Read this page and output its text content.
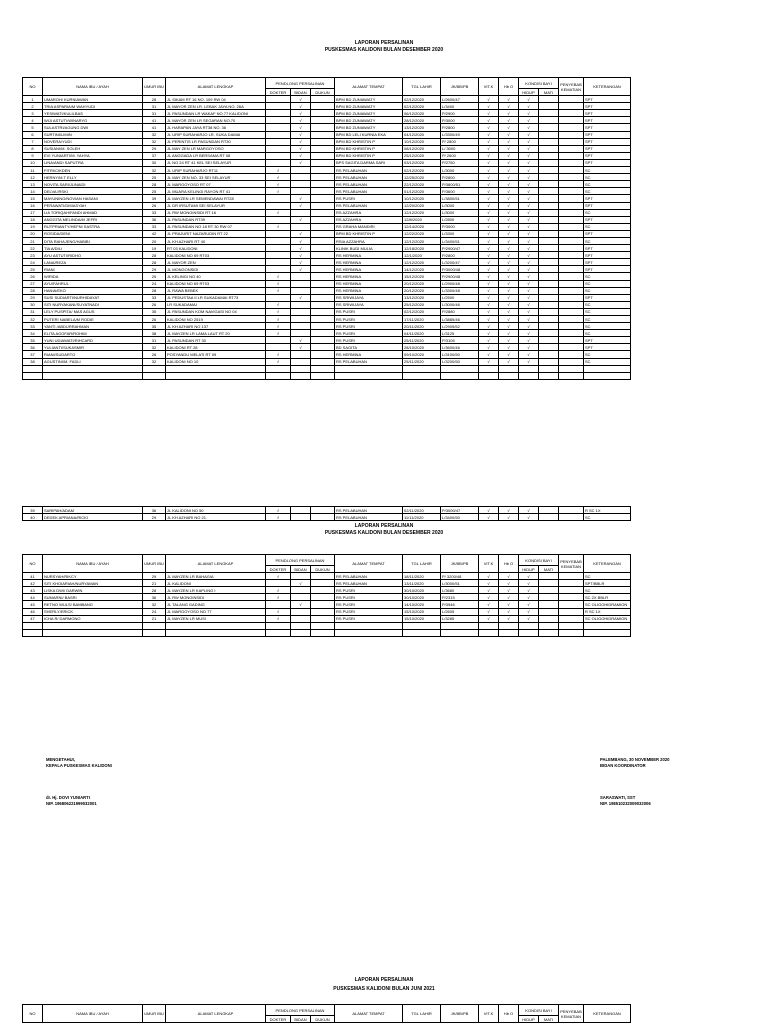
LAPORAN PERSALINAN
PUSKESMAS KALIDONI BULAN DESEMBER 2020
NO	NAMA IBU / AYAH	UMUR IBU	ALAMAT LENGKAP	PENDLONG PERSALINAN			ALAMAT TEMPAT	TGL LAHIR	JK/BB/PB	VIT.K	Hb O	KONDISI BAYI		PENYEBAB KEMATIAN	KETERANGAN
				DOKTER	BIDAN	DUKUN						HIDUP	MATI		
1	UMAROH/ KURNIAWAN	28	JL SIKAM RT 16 NO. 109 RW 04		√		BPM BD ZUNIAWATY	02/12/2020	L/2600/47	√	√	√			SPT
2	TRIA ASPARIA/M WAHYUDI	31	JL MAYOR ZEN LR. LEBAK JAYA NO. 26A		√		BPM BD ZUNIAWATY	02/12/2020	L/3400	√	√	√			SPT
3	YESIWATI/KULILBAS	31	JL PASUNDAN LR WAKAF NO.77 KALIDONI		√		BPM BD ZUNIAWATY	06/12/2020	P/2900	√	√	√			SPT
4	WIJI ASTUTI/WINARYO	41	JL MAYOR ZEN LR SEGARAN NO.70		√		BPM BD ZUNIAWATY	28/12/2020	P/3000	√	√	√			SPT
5	SULASTRI/AGUNG DWI	41	JL HARAPAN JAYA RT38 NO. 36		√		BPM BD ZUNIAWATY	13/12/2020	P/2800	√	√	√			SPT
6	SURTINI/LIMIN	32	JL URIP SURAHARJO LR. SUKA DAMAI		√		BPM BD LELI KURNIA EKA	04/12/2020	L/3300/49	√	√	√			SPT
7	NOVERA/YUDI	32	JL PERINTIS LR PASUNDAN RT30		√		BPM BD KHRISTIN P	10/12/2020	P/ 2800	√	√	√			SPT
8	SUSIANI/M. SOLEH	29	JL MAY ZEN LR MARGOYOSO		√		BPM BD KHRISTIN P	08/12/2020	L/ 3000	√	√	√			SPT
9	EVI YUNIARTI/M. YAHYA	37	JL ANGGADA LR BERSAMA RT 08		√		BPM BD KHRISTIN P	25/12/2020	P/ 2600	√	√	√			SPT
10	LINA/ANDI SAPUTRA	30	JL NO 24 RT 41 KEL SEI SELAYUR		√		BPS SAGITA DARMA SARI	03/12/2020	P/2750	√	√	√			SPT
11	FITRI/CIKDEN	32	JL URIP SURAHARJO RT11	√			RS PELABUHAN	02/12/2020	L/3000	√	√	√			SC
12	HERNY/M.T ELLY	25	JL MAY ZEN NO. 33 SEI SELAYUR	√			RS PELABUHAN	12/25/2020	P/2800	√	√	√			SC
13	NOVITA SARI/JUNAIDI	28	JL MARGOYOSO RT 07	√			RS PELABUHAN	22/12/2020	P/3800/51	√	√	√			SC
14	DELVA IRSKI	25	JL MUARA KELINGI RAYON RT 41	√			RS PELABUHAN	01/12/2020	P/3600	√	√	√			SC
15	MAYUNING/NOVIAN HASANI	39	JL MAYZEN LR SEMENDAWAI RT28		√		RS PUSRI	10/12/2020	L/3800/51	√	√	√			SPT
16	PERAWATI/DIMASYAH	26	JL DR IRSUTAMI SEI SELAYUR		√		RS PELABUHAN	12/20/2020	L/3000	√	√	√			SPT
17	LIA TORIQAH/FANDI AHMAD	33	JL RW MONGINSIDI RT 16	√			RS AZZAHRA	12/12/2020	L/3000	√	√	√			SC
18	ANGGITA MELINDA/M JEFRI	36	JL PASUNDAN RT39		√		RS AZZAHRA	12/8/2020	L/2800	√	√	√			SPT
19	RUTPRIANTY/HEFNI SASTRA	33	JL PASUNDAN NO 18 RT 30 RW 07	√			RS GRAHA MANDIRI	12/14/2020	P/3000	√	√	√			SC
20	ROSIDA/DENI	42	JL PRAJURIT NAZARUDIN RT 22		√		BPM BD KHRISTIN P	12/22/2020	L/3300	√	√	√			SPT
21	DITA RAHAJENG/HABIBI	20	JL KH AZHARI RT 40		√		RSIA AZZAHRA	12/12/2020	L/3400/51	√	√	√			SC
22	TIA A/DILI	19	RT 03 KALIDONI		√		KLINIK BUDI MULIA	12/18/2020	P/2900/47	√	√	√			SPT
23	AYU ASTUTI/RIDHO	28	KALIDONI NO 69 RT03		√		RS HERMINA	12/1/2020	P/2800	√	√	√			SPT
24	LANA/REZA	28	JL MAYOR ZEN		√		RS HERMINA	12/12/2020	L/3200/47	√	√	√			SPT
25	RIANI	29	JL MONGONSIDI		√		RS HERMINA	14/12/2020	P/3000/48	√	√	√			SPT
26	WIRIDA	25	JL KELINGI NO 40	√			RS HERMINA	15/12/2020	P/2900/48	√	√	√			SC
27	AYU/FAHRUL	24	KALIDONI NO 69 RT03	√			RS HERMINA	20/12/2020	L/2900/48	√	√	√			SC
28	HANIA/EKO	28	JL RAWA BEBEK	√			RS HERMINA	20/12/2020	L/3300/48	√	√	√			SC
29	SUSI SUDIARTI/NURHIDAYAT	33	JL PEDUSTAA II LR SUKADAMAI RT73		√		RS SRIWIJAYA	13/12/2020	L/2500	√	√	√			SPT
30	SITI NURYAKANI/SUYATNADI	26	LR SUKADAMAI	√			RS SRIWIJAYA	25/12/2020	L/3000/46	√	√	√			SC
31	LELY PUSPITA/ MAS AGUS	35	JL PASUNDAN KOM NAVIGASI NO 04	√			RS PUSRI	02/12/2020	P/2880	√	√	√			SC
32	PUTERI NABELA/M RODIE	26	KALIDONI NO 2519	√			RS PUSRI	17/11/2020	L/3885/46	√	√	√			SC
33	YANTI /ABDURRAHMAN	35	JL KH AZHARI NO 137	√			RS PUSRI	20/11/2020	L/2905/52	√	√	√			SC
34	ELITA AGOFAR/ROHIM	38	JL MAYZEN LR LAMA LAUT RT 20	√			RS PUSRI	04/11/2020	L/3125	√	√	√			SC
35	YUNI UDIAWATI/RIHCARD	31	JL PASUNDAN RT 30		√		RS PUSRI	25/11/2020	P/3105	√	√	√			SPT
36	YULIANTI/SUKASMIR	32	KALIDONI RT 28		√		BD SAGITA	28/10/2020	L/3600/46	√	√	√			SPT
37	RIANI/SUDARTO	26	POSYANDU MELATI RT 09	√			RS HERMINA	09/10/2020	L/3100/50	√	√	√			SC
38	AGUSTINI/M. FADLI	32	KALIDONI NO 10	√			RS PELABUHAN	25/11/2020	L/3200/50	√	√	√			SC

39	SARIPAH/ADAM	36	JL KALIDONI NO 50	√			RS PELABUHAN	02/11/2020	P/3000/47	√	√	√			R SC 1X
40	DEDEK APRIANA/RICKI	29	JL KH AZHARI NO 21	√			RS PELABUHAN	11/11/2020	L/3400/50	√	√	√			SC
LAPORAN PERSALINAN
PUSKESMAS KALIDONI BULAN DESEMBER 2020
NO	NAMA IBU / AYAH	UMUR IBU	ALAMAT LENGKAP	PENDLONG PERSALINAN			ALAMAT TEMPAT	TGL LAHIR	JK/BB/PB	VIT.K	Hb O	KONDISI BAYI		PENYEBAB KEMATIAN	KETERANGAN
				DOKTER	BIDAN	DUKUN						HIDUP	MATI		
41	NURSYAH/RIKCY	29	JL MAYZEN LR BAHAGIA	√			RS PELABUHAN	18/11/2020	P/ 3200/48	√	√	√			SC
42	SITI KHOIARIAH/NURYAMAN	21	JL KALIDONI		√		RS PELABUHAN	13/11/2020	L/3000/51	√	√	√			SPT/BBLR
43	LISKA DWI/ DARWIN	28	JL MAYZEN LR KAPLING I	√			RS PUSRI	30/10/2020	L/3680	√	√	√			SC
44	SUMARNI/ BASRI	36	JL RW MONGINSIDI	√			RS PUSRI	30/10/2020	P/2315	√	√	√			SC 2X BBLR
45	RETNO WULS/ BAMBANG	32	JL TALANG GADING		√		RS PUSRI	14/10/2020	P/3946	√	√	√			SC OLIGOHIDRAMION
46	SHERLY/ERICK	24	JL MARGOYOSO NO 77	√			RS PUSRI	15/10/2020	L/2605	√	√	√			R SC 1X
47	ICHA R/ DARMONO	21	JL MAYZEN LR MUSI	√			RS PUSRI	15/10/2020	L/3285	√	√	√			SC OLIGOHIDRAMION

MENGETAHUI,
KEPALA PUSKESMAS KALIDONI
dr. Hj. DOVI YUNIARTI
NIP. 196806221999032001
PALEMBANG, 30 NOVEMBER 2020
BIDAN KOORDINATOR
SARASWATI, SST
NIP. 198510232009032006
LAPORAN PERSALINAN
PUSKESMAS KALIDONI BULAN JUNI 2021
NO	NAMA IBU / AYAH	UMUR IBU	ALAMAT LENGKAP	PENDLONG PERSALINAN			ALAMAT TEMPAT	TGL LAHIR	JK/BB/PB	VIT.K	Hb O	KONDISI BAYI		PENYEBAB KEMATIAN	KETERANGAN
				DOKTER	BIDAN	DUKUN						HIDUP	MATI		
